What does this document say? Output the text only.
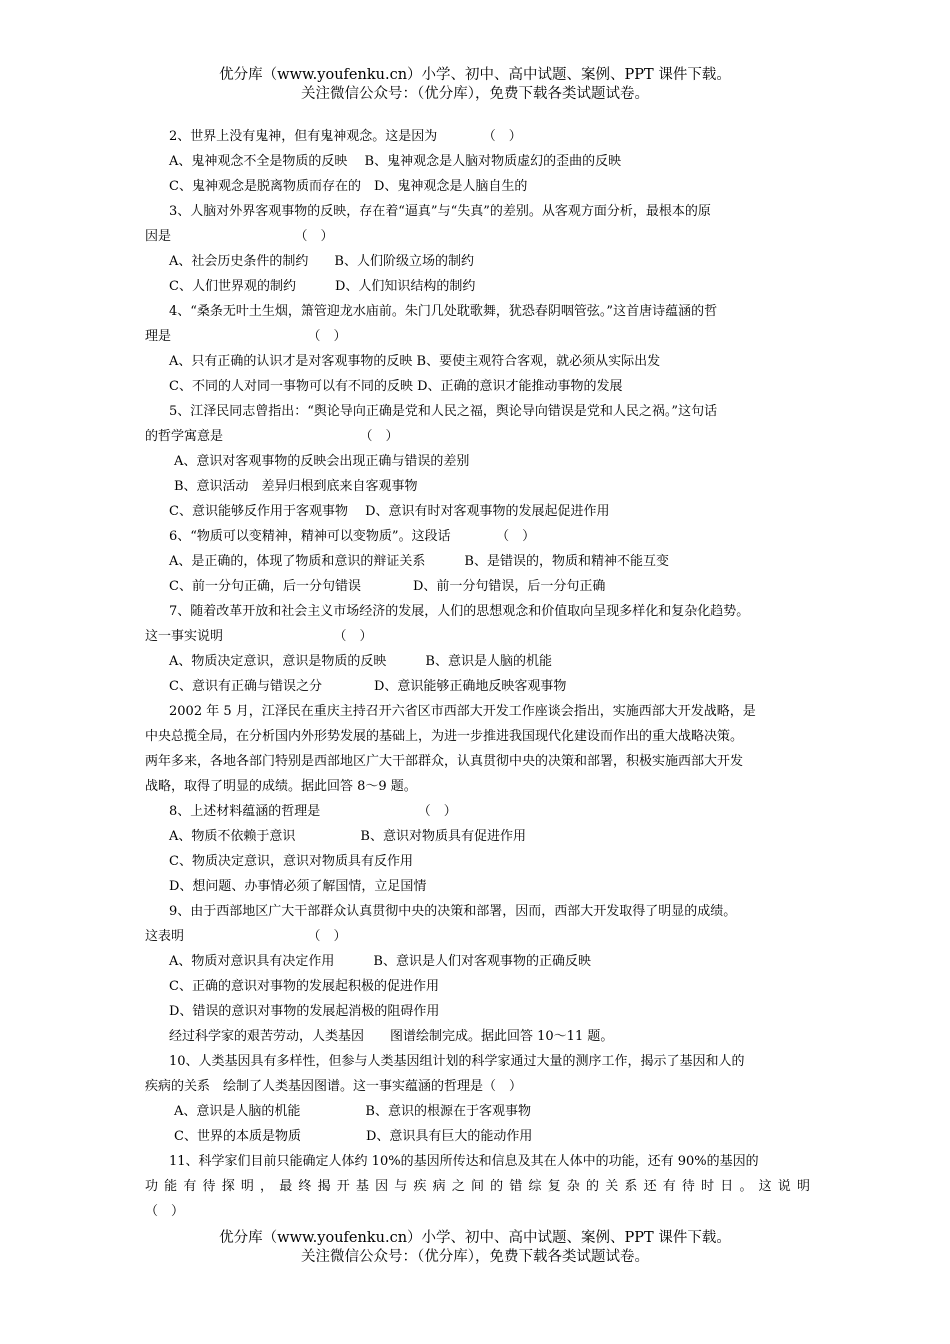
优分库（www.youfenku.cn）小学、初中、高中试题、案例、PPT 课件下载。
关注微信公众号：（优分库），免费下载各类试题试卷。

2、世界上没有鬼神，但有鬼神观念。这是因为　　　　（　）

A、鬼神观念不全是物质的反映　 B、鬼神观念是人脑对物质虚幻的歪曲的反映

C、鬼神观念是脱离物质而存在的　D、鬼神观念是人脑自生的

3、人脑对外界客观事物的反映，存在着“逼真”与“失真”的差别。从客观方面分析，最根本的原

因是　　　　　　　　　　（　）

A、社会历史条件的制约　　B、人们阶级立场的制约

C、人们世界观的制约　　　D、人们知识结构的制约

4、“桑条无叶土生烟，箫管迎龙水庙前。朱门几处耽歌舞，犹恐春阴咽管弦。”这首唐诗蕴涵的哲

理是　　　　　　　　　　　（　）

A、只有正确的认识才是对客观事物的反映 B、要使主观符合客观，就必须从实际出发

C、不同的人对同一事物可以有不同的反映 D、正确的意识才能推动事物的发展

5、江泽民同志曾指出：“舆论导向正确是党和人民之福，舆论导向错误是党和人民之祸。”这句话

的哲学寓意是　　　　　　　　　　　（　）

A、意识对客观事物的反映会出现正确与错误的差别

B、意识活动　差异归根到底来自客观事物

C、意识能够反作用于客观事物　 D、意识有时对客观事物的发展起促进作用

6、“物质可以变精神，精神可以变物质”。这段话　　　　（　）

A、是正确的，体现了物质和意识的辩证关系　　　B、是错误的，物质和精神不能互变

C、前一分句正确，后一分句错误　　　　D、前一分句错误，后一分句正确

7、随着改革开放和社会主义市场经济的发展，人们的思想观念和价值取向呈现多样化和复杂化趋势。

这一事实说明　　　　　　　　　（　）

A、物质决定意识，意识是物质的反映　　　B、意识是人脑的机能

C、意识有正确与错误之分　　　　D、意识能够正确地反映客观事物

2002 年 5 月，江泽民在重庆主持召开六省区市西部大开发工作座谈会指出，实施西部大开发战略，是

中央总揽全局，在分析国内外形势发展的基础上，为进一步推进我国现代化建设而作出的重大战略决策。

两年多来，各地各部门特别是西部地区广大干部群众，认真贯彻中央的决策和部署，积极实施西部大开发

战略，取得了明显的成绩。据此回答 8～9 题。

8、上述材料蕴涵的哲理是　　　　　　　　（　）

A、物质不依赖于意识　　　　　B、意识对物质具有促进作用

C、物质决定意识，意识对物质具有反作用

D、想问题、办事情必须了解国情，立足国情

9、由于西部地区广大干部群众认真贯彻中央的决策和部署，因而，西部大开发取得了明显的成绩。

这表明　　　　　　　　　　（　）

A、物质对意识具有决定作用　　　B、意识是人们对客观事物的正确反映

C、正确的意识对事物的发展起积极的促进作用

D、错误的意识对事物的发展起消极的阻碍作用

经过科学家的艰苦劳动，人类基因　　图谱绘制完成。据此回答 10～11 题。

10、人类基因具有多样性，但参与人类基因组计划的科学家通过大量的测序工作，揭示了基因和人的

疾病的关系　绘制了人类基因图谱。这一事实蕴涵的哲理是（　）

A、意识是人脑的机能　　　　　B、意识的根源在于客观事物

C、世界的本质是物质　　　　　D、意识具有巨大的能动作用

11、科学家们目前只能确定人体约 10%的基因所传达和信息及其在人体中的功能，还有 90%的基因的

功能有待探明，最终揭开基因与疾病之间的错综复杂的关系还有待时日。这说明

（　）

优分库（www.youfenku.cn）小学、初中、高中试题、案例、PPT 课件下载。
关注微信公众号：（优分库），免费下载各类试题试卷。
